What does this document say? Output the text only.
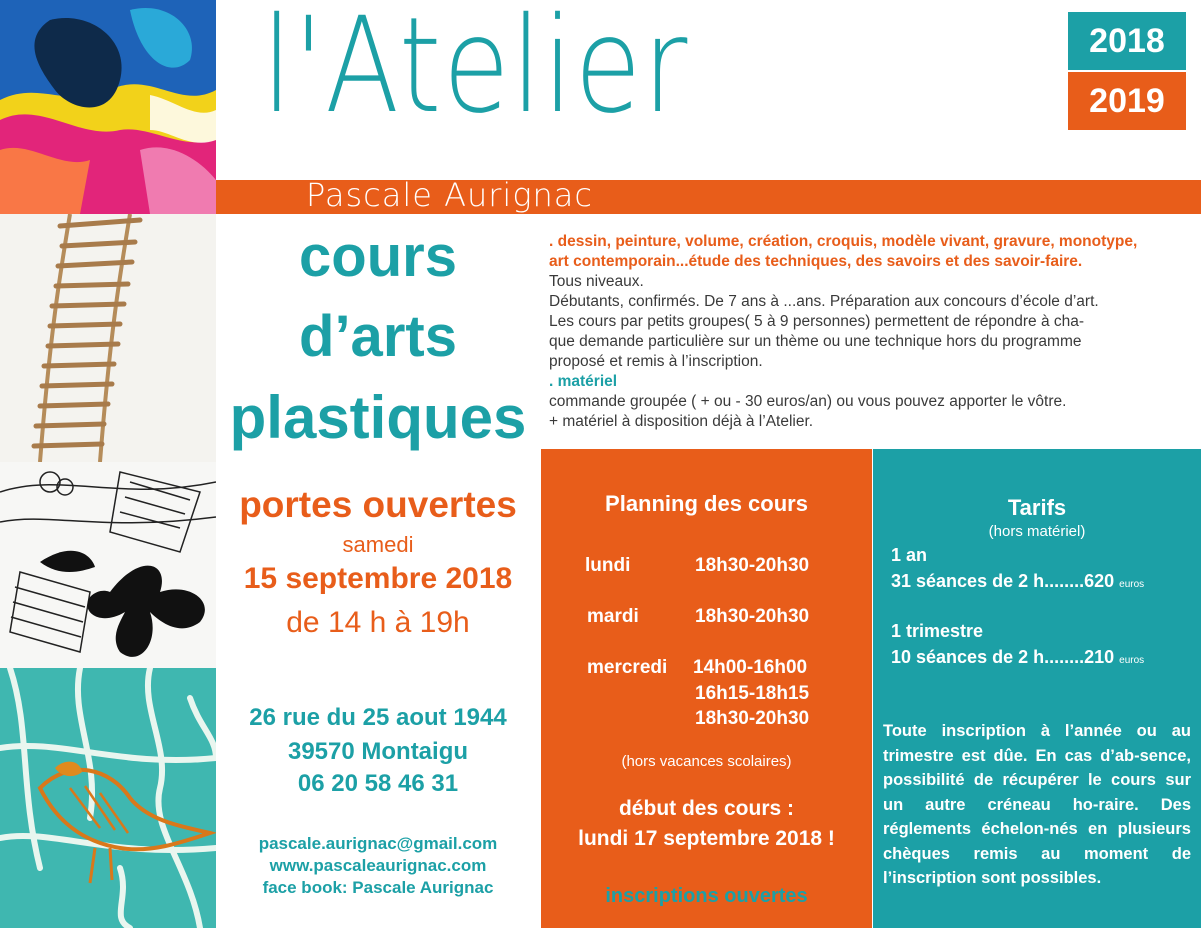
l'Atelier	2018
2019
Pascale Aurignac
cours
d’arts
plastiques
portes ouvertes
samedi
15 septembre 2018
de 14 h à 19h
26 rue du 25 aout 1944
39570 Montaigu
06 20 58 46 31
pascale.aurignac@gmail.com
www.pascaleaurignac.com
face book: Pascale Aurignac
. dessin, peinture, volume, création, croquis, modèle vivant, gravure, monotype,
art contemporain...étude des techniques, des savoirs et des savoir-faire.
Tous niveaux.
Débutants, confirmés. De 7 ans à ...ans. Préparation aux concours d’école d’art.
Les cours par petits groupes( 5 à 9 personnes) permettent de répondre à cha-
que demande particulière sur un thème ou une technique hors du programme
proposé et remis à l’inscription.
. matériel
commande groupée ( + ou - 30 euros/an) ou vous pouvez apporter le vôtre.
+ matériel à disposition déjà à l’Atelier.
Planning des cours
lundi	18h30-20h30
mardi	18h30-20h30
mercredi 14h00-16h00
16h15-18h15
18h30-20h30
(hors vacances scolaires)
début des cours :
lundi 17 septembre 2018 !
inscriptions ouvertes
Tarifs
(hors matériel)
1 an
31 séances de 2 h........620 euros
1 trimestre
10 séances de 2 h........210 euros
Toute inscription à l’année ou au trimestre est dûe. En cas d’ab-sence, possibilité de récupérer le cours sur un autre créneau ho-raire. Des réglements échelon-nés en plusieurs chèques remis au moment de l’inscription sont possibles.
